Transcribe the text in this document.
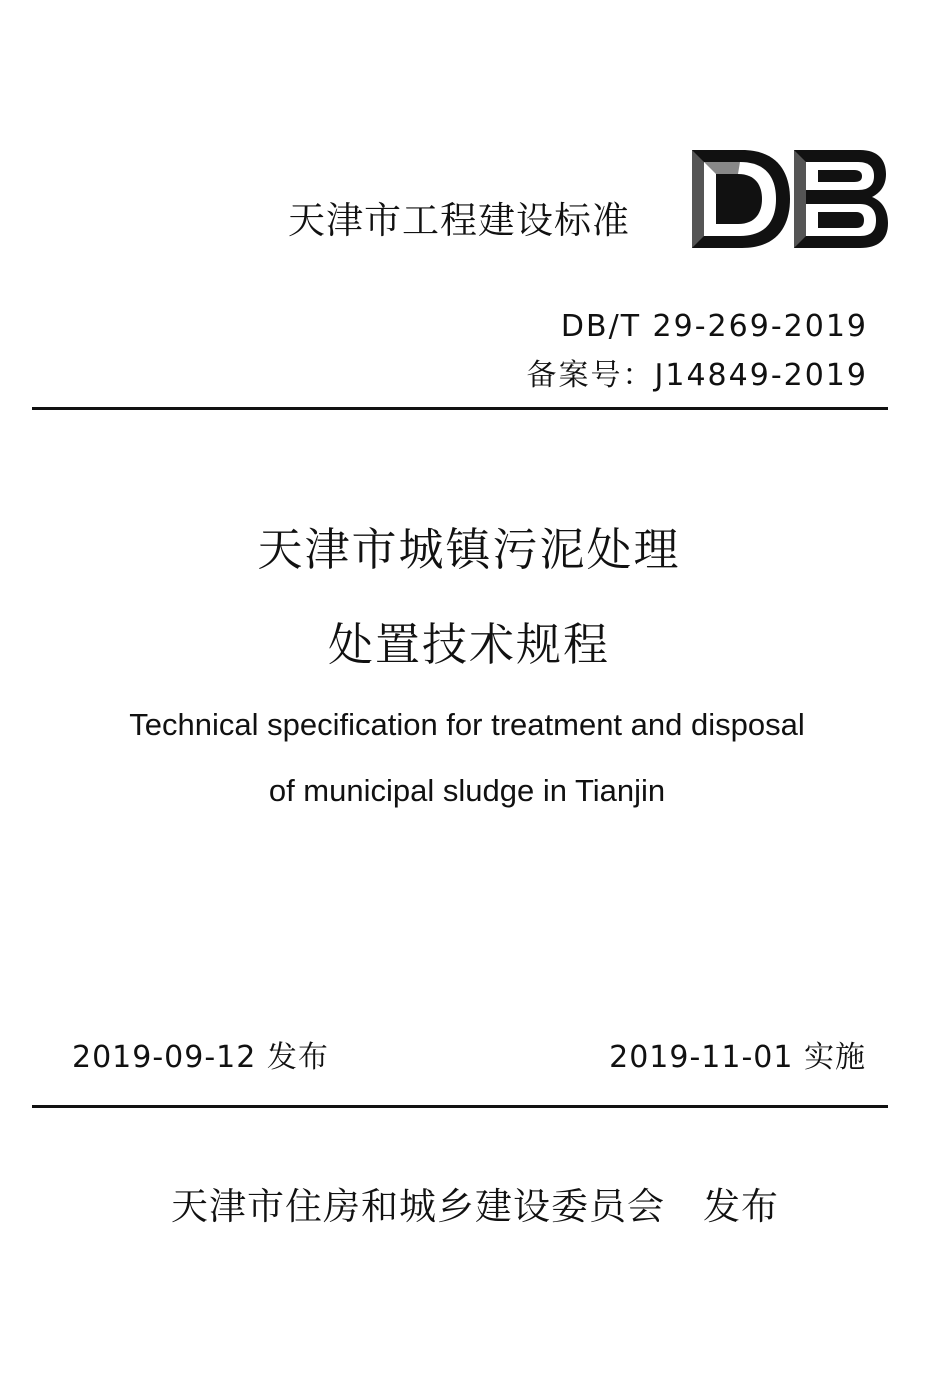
天津市工程建设标准
DB/T 29-269-2019
备案号：J14849-2019
天津市城镇污泥处理
处置技术规程
Technical specification for treatment and disposal
of municipal sludge in Tianjin
2019-09-12 发布	2019-11-01 实施
天津市住房和城乡建设委员会 发布
